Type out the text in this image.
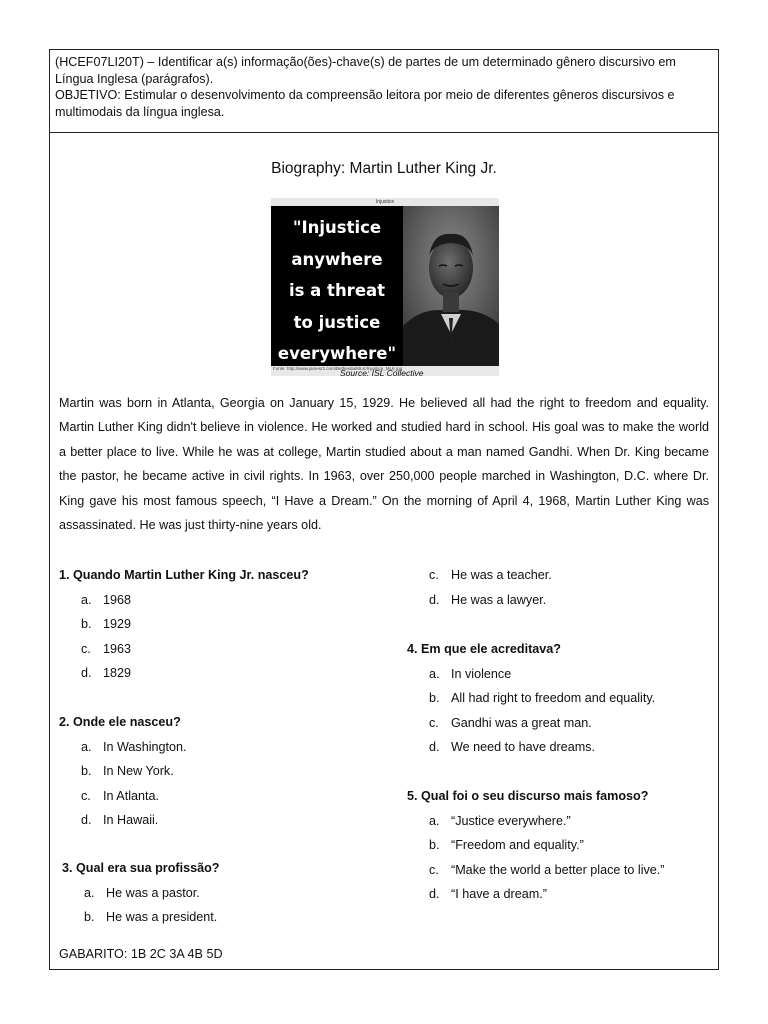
(HCEF07LI20T) – Identificar a(s) informação(ões)-chave(s) de partes de um determinado gênero discursivo em Língua Inglesa (parágrafos).

OBJETIVO: Estimular o desenvolvimento da compreensão leitora por meio de diferentes gêneros discursivos e multimodais da língua inglesa.

Biography: Martin Luther King Jr.
Injustice
"Injustice
anywhere
is a threat
to justice
everywhere"
Fonte: http://www.jamesr2.com/Bethesda/MLK/Injustice_MLK.jpg
Source: ISL Collective

Martin was born in Atlanta, Georgia on January 15, 1929. He believed all had the right to freedom and equality. Martin Luther King didn't believe in violence. He worked and studied hard in school. His goal was to make the world a better place to live. While he was at college, Martin studied about a man named Gandhi. When Dr. King became the pastor, he became active in civil rights. In 1963, over 250,000 people marched in Washington, D.C. where Dr. King gave his most famous speech, “I Have a Dream.” On the morning of April 4, 1968, Martin Luther King was assassinated. He was just thirty-nine years old.

1. Quando Martin Luther King Jr. nasceu?

a. 1968

b. 1929

c. 1963

d. 1829

2. Onde ele nasceu?

a. In Washington.

b. In New York.

c. In Atlanta.

d. In Hawaii.

3. Qual era sua profissão?

a. He was a pastor.

b. He was a president.

c. He was a teacher.

d. He was a lawyer.

4. Em que ele acreditava?

a. In violence

b. All had right to freedom and equality.

c. Gandhi was a great man.

d. We need to have dreams.

5. Qual foi o seu discurso mais famoso?

a. “Justice everywhere.”

b. “Freedom and equality.”

c. “Make the world a better place to live.”

d. “I have a dream.”

GABARITO: 1B 2C 3A 4B 5D
